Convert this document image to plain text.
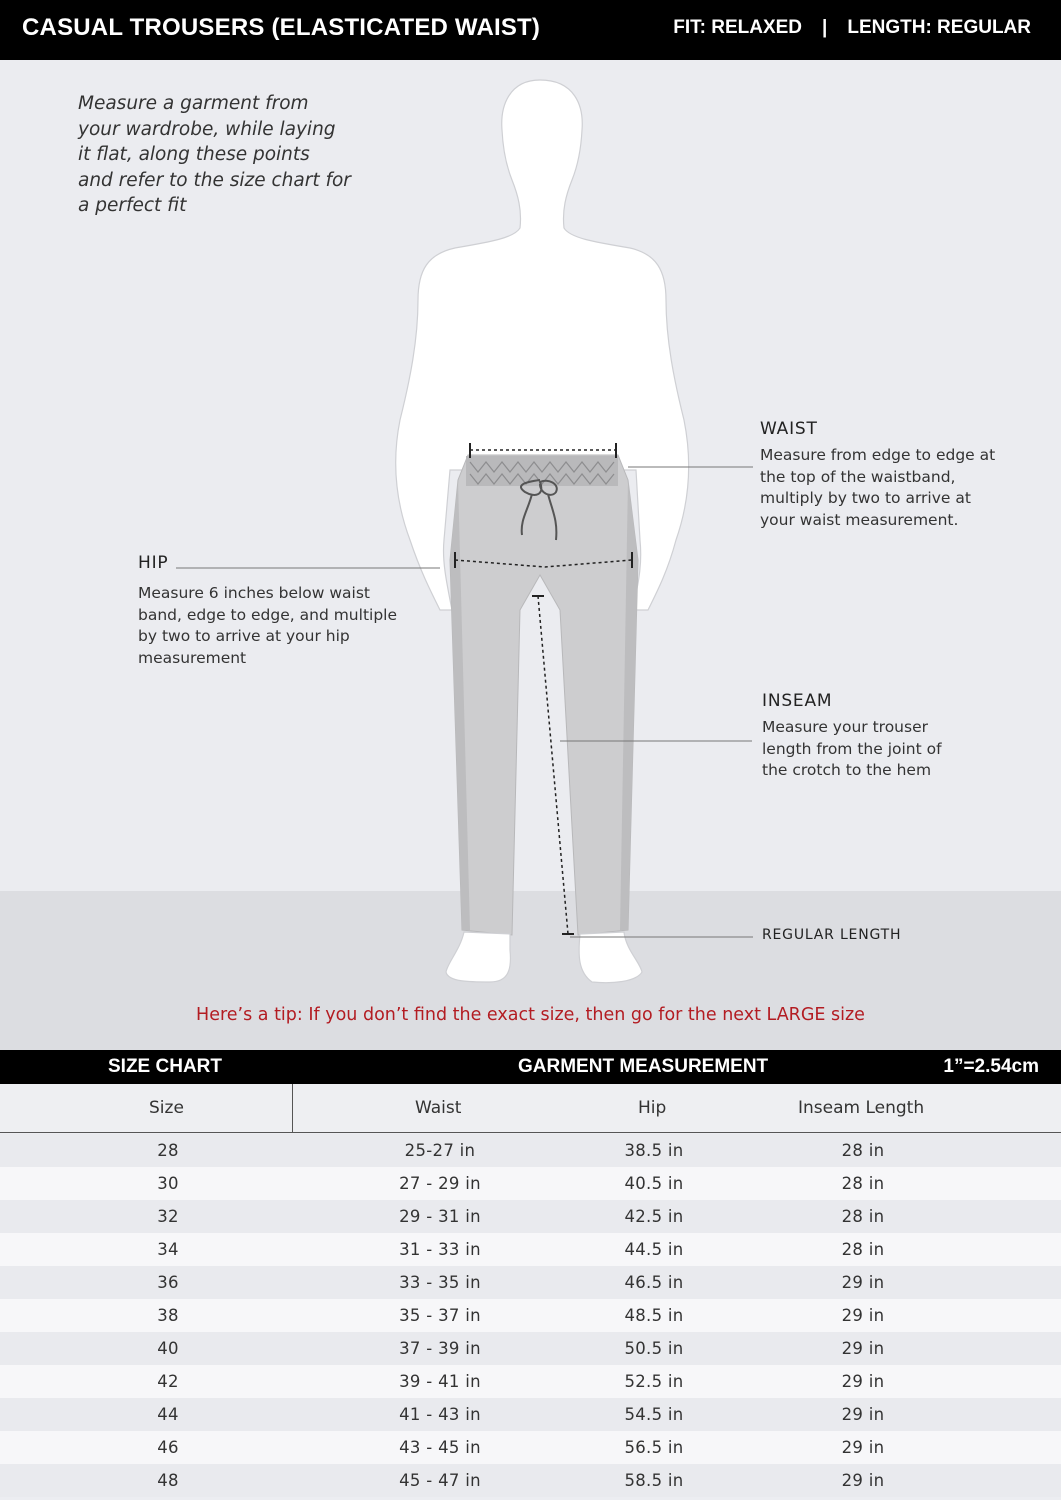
CASUAL TROUSERS (ELASTICATED WAIST)	FIT: RELAXED | LENGTH: REGULAR
Measure a garment from
your wardrobe, while laying
it flat, along these points
and refer to the size chart for
a perfect fit
WAIST
Measure from edge to edge at
the top of the waistband,
multiply by two to arrive at
your waist measurement.
HIP
Measure 6 inches below waist
band, edge to edge, and multiple
by two to arrive at your hip
measurement
INSEAM
Measure your trouser
length from the joint of
the crotch to the hem
REGULAR LENGTH
Here’s a tip: If you don’t find the exact size, then go for the next LARGE size
SIZE CHART	GARMENT MEASUREMENT	1”=2.54cm
Size	Waist	Hip	Inseam Length
28	25-27 in	38.5 in	28 in
30	27 - 29 in	40.5 in	28 in
32	29 - 31 in	42.5 in	28 in
34	31 - 33 in	44.5 in	28 in
36	33 - 35 in	46.5 in	29 in
38	35 - 37 in	48.5 in	29 in
40	37 - 39 in	50.5 in	29 in
42	39 - 41 in	52.5 in	29 in
44	41 - 43 in	54.5 in	29 in
46	43 - 45 in	56.5 in	29 in
48	45 - 47 in	58.5 in	29 in
